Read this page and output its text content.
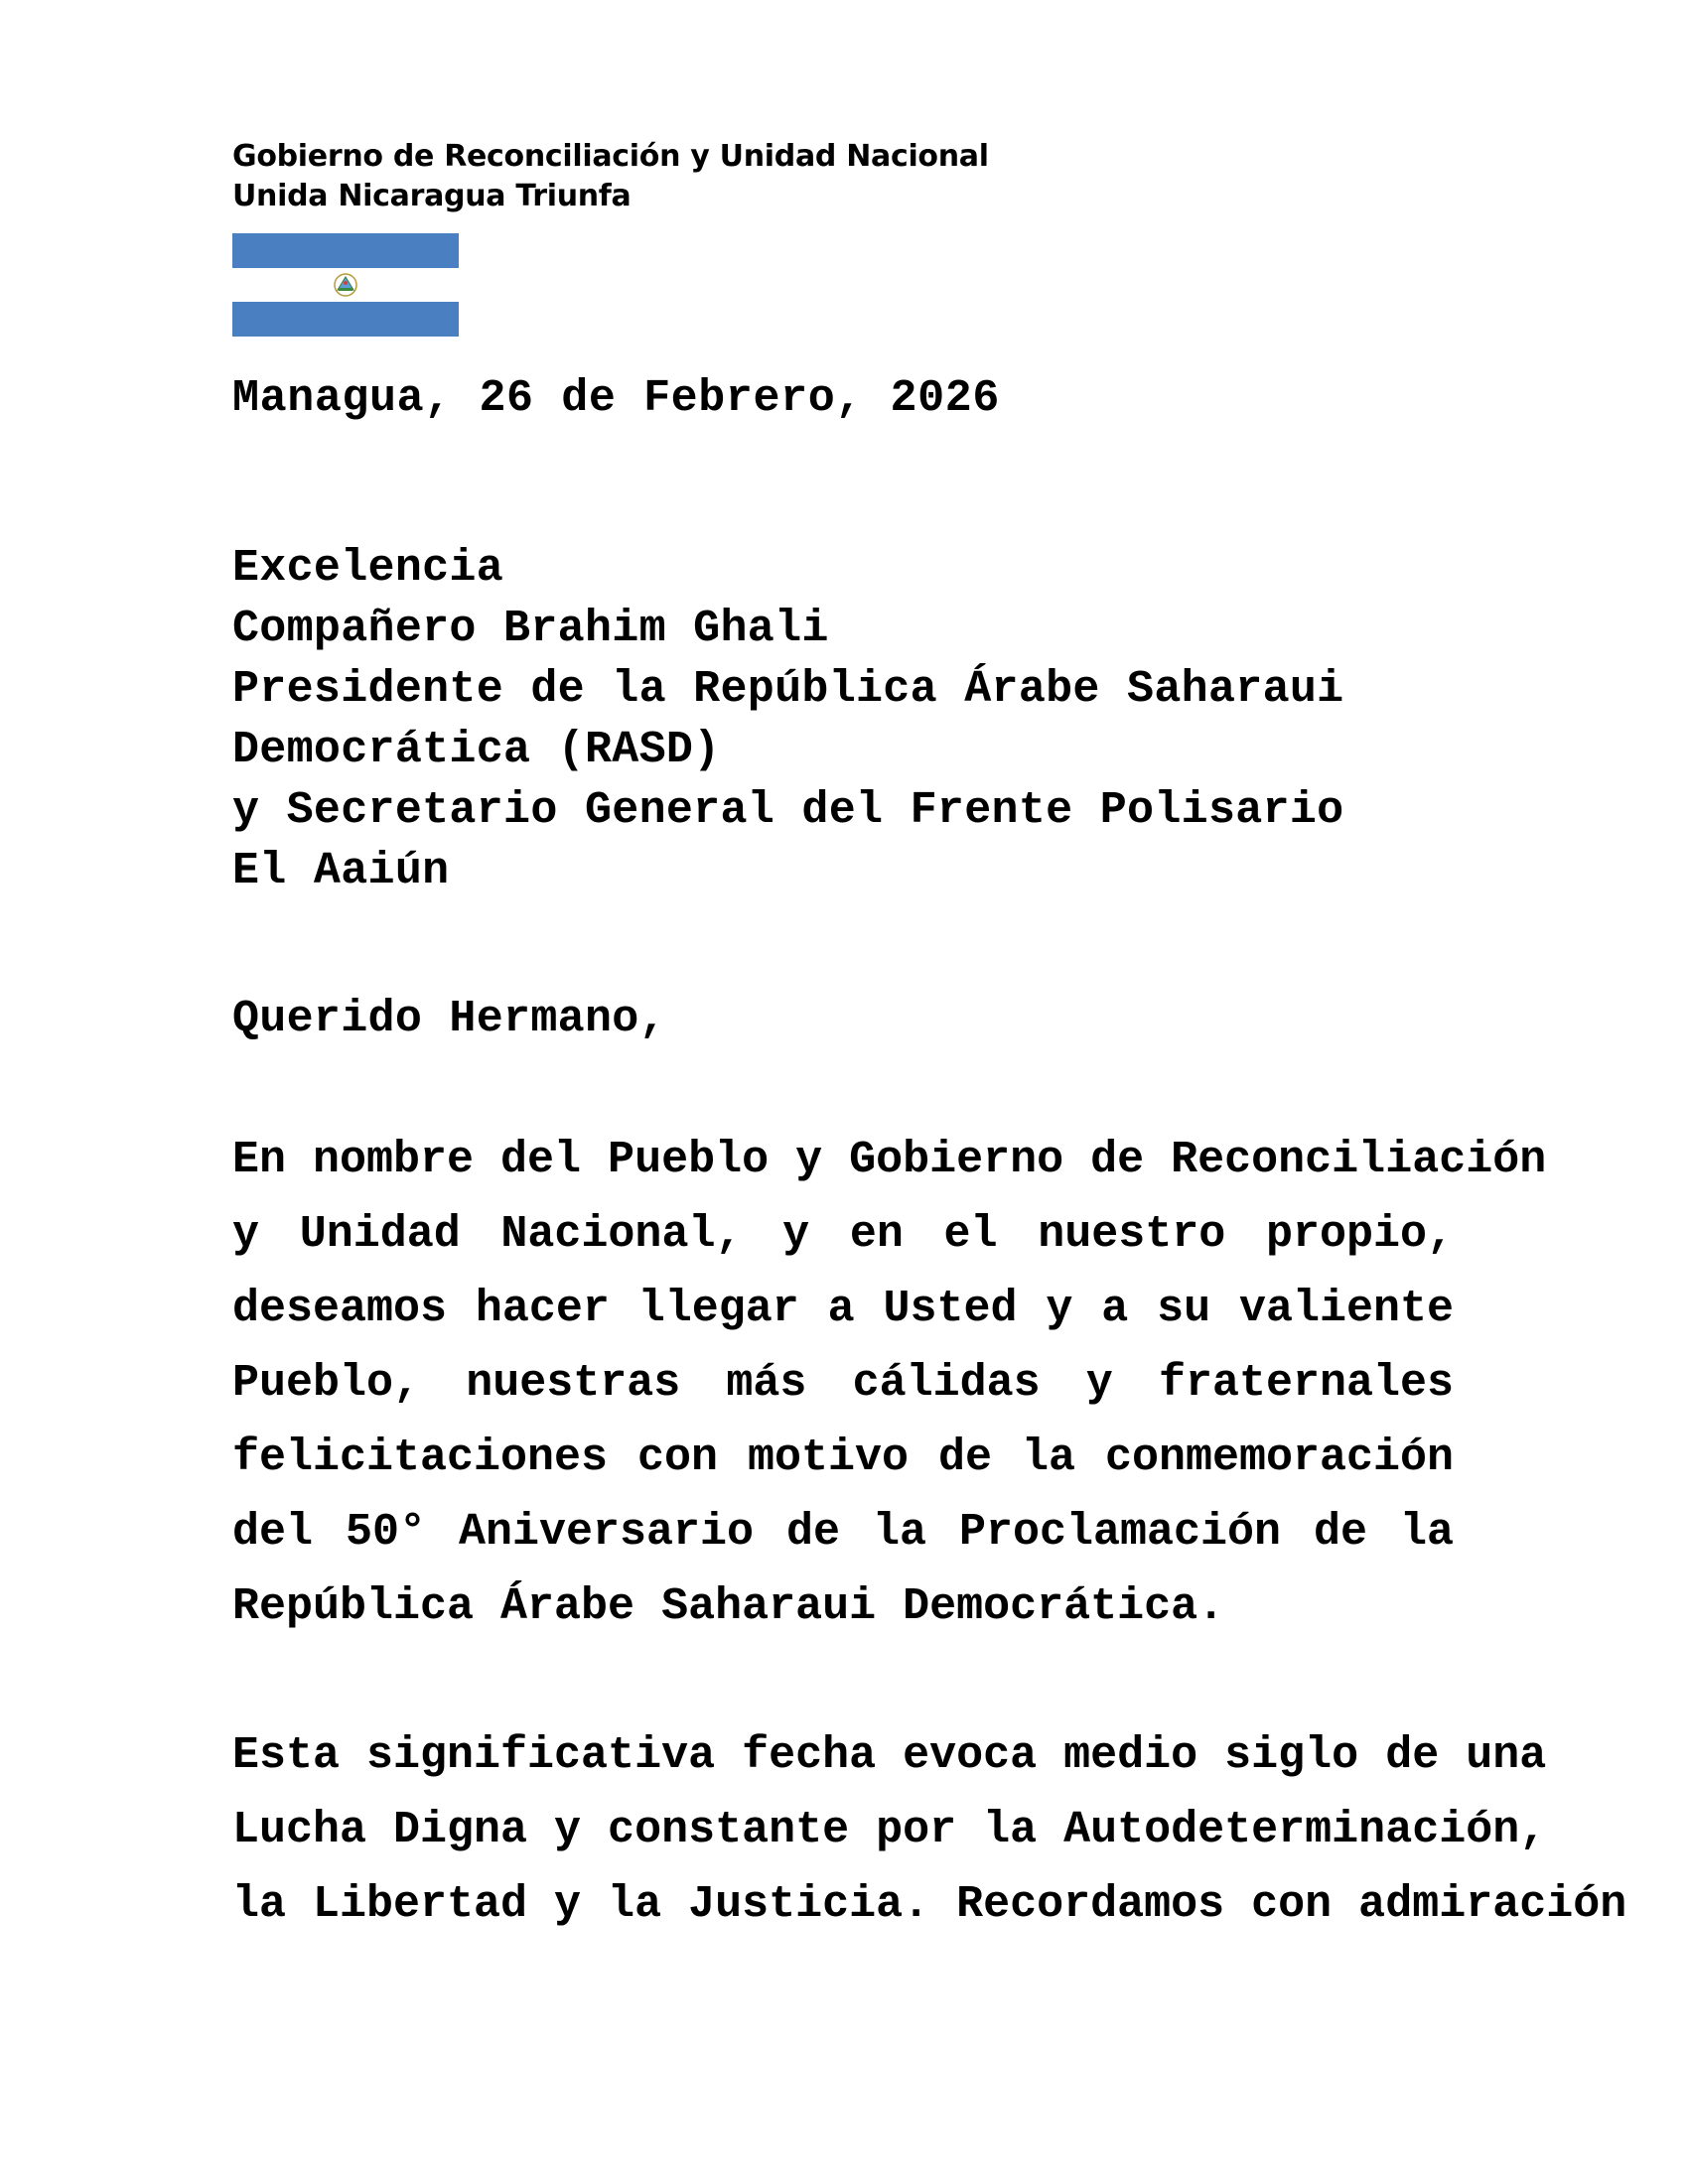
Gobierno de Reconciliación y Unidad Nacional
Unida Nicaragua Triunfa
Managua, 26 de Febrero, 2026
Excelencia
Compañero Brahim Ghali
Presidente de la República Árabe Saharaui
Democrática (RASD)
y Secretario General del Frente Polisario
El Aaiún
Querido Hermano,
En nombre del Pueblo y Gobierno de Reconciliación
y Unidad Nacional, y en el nuestro propio,
deseamos hacer llegar a Usted y a su valiente
Pueblo, nuestras más cálidas y fraternales
felicitaciones con motivo de la conmemoración
del 50° Aniversario de la Proclamación de la
República Árabe Saharaui Democrática.
Esta significativa fecha evoca medio siglo de una
Lucha Digna y constante por la Autodeterminación,
la Libertad y la Justicia. Recordamos con admiración
